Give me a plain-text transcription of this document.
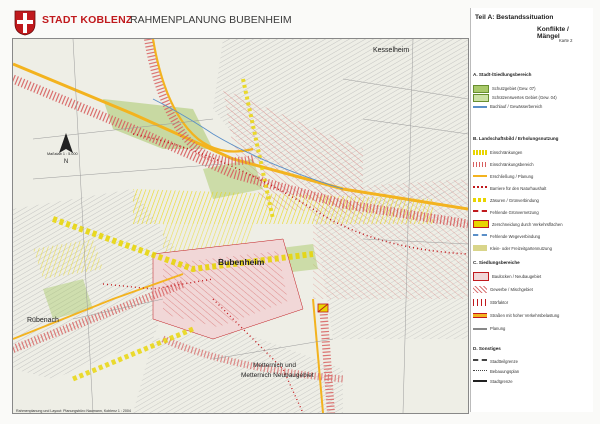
STADT KOBLENZ
RAHMENPLANUNG BUBENHEIM
Kesselheim
Bubenheim
Rübenach
Metternich und
Metternich Neubaugebiet
N
Maßstab 1 : 5.000
Teil A: Bestandssituation
Konflikte / Mängel
Karte 2
A. Stadt-/Siedlungsbereich
Schutzgebiet (Gew. 07)
Schützenswertes Gebiet (Gew. 04)
Bachlauf / Gewässerbereich
B. Landschaftsbild / Erholungsnutzung
Einschränkungen
Einschränkungsbereich
Erschließung / Planung
Barriere für den Naturhaushalt
Zäsuren / Grünverbindung
Fehlende Grünvernetzung
Zerschneidung durch Verkehrsflächen
Fehlende Wegeverbindung
Klein- oder Freizeitgartennutzung
C. Siedlungsbereiche
Baulücken / Neubaugebiet
Gewerbe / Mischgebiet
Störfaktor
Straßen mit hoher Verkehrsbelastung
Planung
D. Sonstiges
Stadtteilgrenze
Bebauungsplan
Stadtgrenze
Rahmenplanung und Layout: Planungsbüro Naumann, Koblenz 1 : 2004
